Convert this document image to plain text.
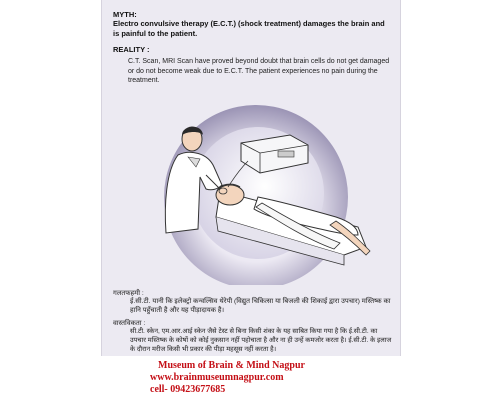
MYTH:
Electro convulsive therapy (E.C.T.) (shock treatment) damages the brain and is painful to the patient.
REALITY :
C.T. Scan, MRI Scan have proved beyond doubt that brain cells do not get damaged or do not become weak due to E.C.T. The patient experiences no pain during the treatment.
गलतफहमी :
ई.सी.टी. यानी कि इलेक्ट्रो कन्वल्सिव थेरेपी (विद्युत चिकित्सा या बिजली की शिकाई द्वारा उपचार) मस्तिष्क का हानि पहुँचाती है और यह पीड़ादायक है।
वास्तविकता :
सी.टी. स्केन, एम.आर.आई स्केन जैसे टेस्ट से बिना किसी शंका के यह साबित किया गया है कि ई.सी.टी. का उपचार मस्तिष्क के कोषों को कोई नुकसान नहीं पहोचाता है और ना ही उन्हें कमजोर करता है। ई.सी.टी. के इलाज के दौरान मरीज किसी भी प्रकार की पीड़ा महसूस नहीं करता है।
Museum of Brain & Mind Nagpur
www.brainmuseumnagpur.com
cell- 09423677685
